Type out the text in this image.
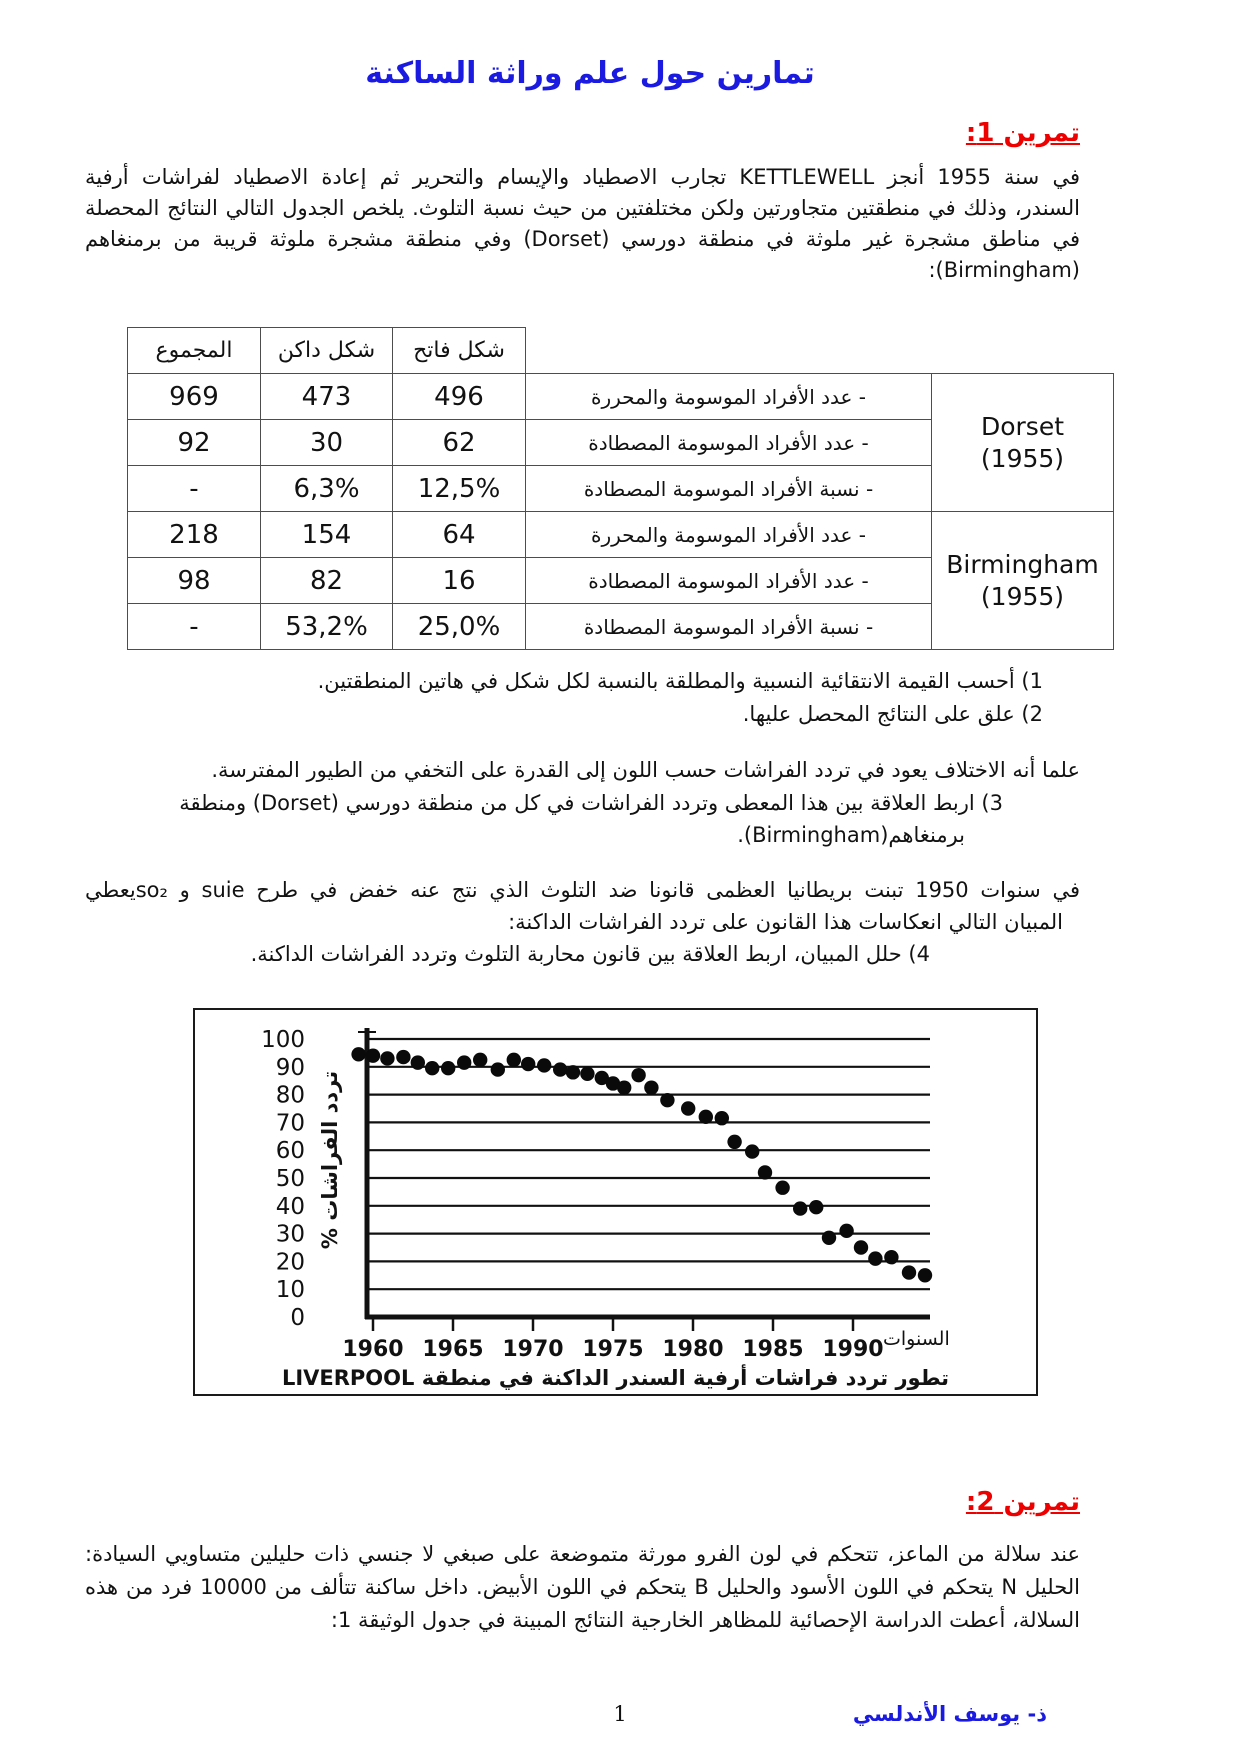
تمارين حول علم وراثة الساكنة
تمرين 1:
في سنة 1955 أنجز KETTLEWELL تجارب الاصطياد والإيسام والتحرير ثم إعادة الاصطياد لفراشات أرفية
السندر، وذلك في منطقتين متجاورتين ولكن مختلفتين من حيث نسبة التلوث. يلخص الجدول التالي النتائج المحصلة
في مناطق مشجرة غير ملوثة في منطقة دورسي (Dorset) وفي منطقة مشجرة ملوثة قريبة من برمنغاهم
(Birmingham):
		شكل فاتح	شكل داكن	المجموع

Dorset
(1955)	- عدد الأفراد الموسومة والمحررة	496	473	969
	- عدد الأفراد الموسومة المصطادة	62	30	92
	- نسبة الأفراد الموسومة المصطادة	12,5%	6,3%	-

Birmingham
(1955)	- عدد الأفراد الموسومة والمحررة	64	154	218
	- عدد الأفراد الموسومة المصطادة	16	82	98
	- نسبة الأفراد الموسومة المصطادة	25,0%	53,2%	-
1) أحسب القيمة الانتقائية النسبية والمطلقة بالنسبة لكل شكل في هاتين المنطقتين.
2) علق على النتائج المحصل عليها.
علما أنه الاختلاف يعود في تردد الفراشات حسب اللون إلى القدرة على التخفي من الطيور المفترسة.
3) اربط العلاقة بين هذا المعطى وتردد الفراشات في كل من منطقة دورسي (Dorset) ومنطقة
برمنغاهم(Birmingham).
في سنوات 1950 تبنت بريطانيا العظمى قانونا ضد التلوث الذي نتج عنه خفض في طرح suie و so₂يعطي
المبيان التالي انعكاسات هذا القانون على تردد الفراشات الداكنة:
4) حلل المبيان، اربط العلاقة بين قانون محاربة التلوث وتردد الفراشات الداكنة.
100
90
80
70
60
50
40
30
20
10
0
1960 1965 1970 1975 1980 1985 1990
تردد الفراشات %
السنوات
تطور تردد فراشات أرفية السندر الداكنة في منطقة LIVERPOOL
تمرين 2:
عند سلالة من الماعز، تتحكم في لون الفرو مورثة متموضعة على صبغي لا جنسي ذات حليلين متساويي السيادة:
الحليل N يتحكم في اللون الأسود والحليل B يتحكم في اللون الأبيض. داخل ساكنة تتألف من 10000 فرد من هذه
السلالة، أعطت الدراسة الإحصائية للمظاهر الخارجية النتائج المبينة في جدول الوثيقة 1:
ذ- يوسف الأندلسي
1
